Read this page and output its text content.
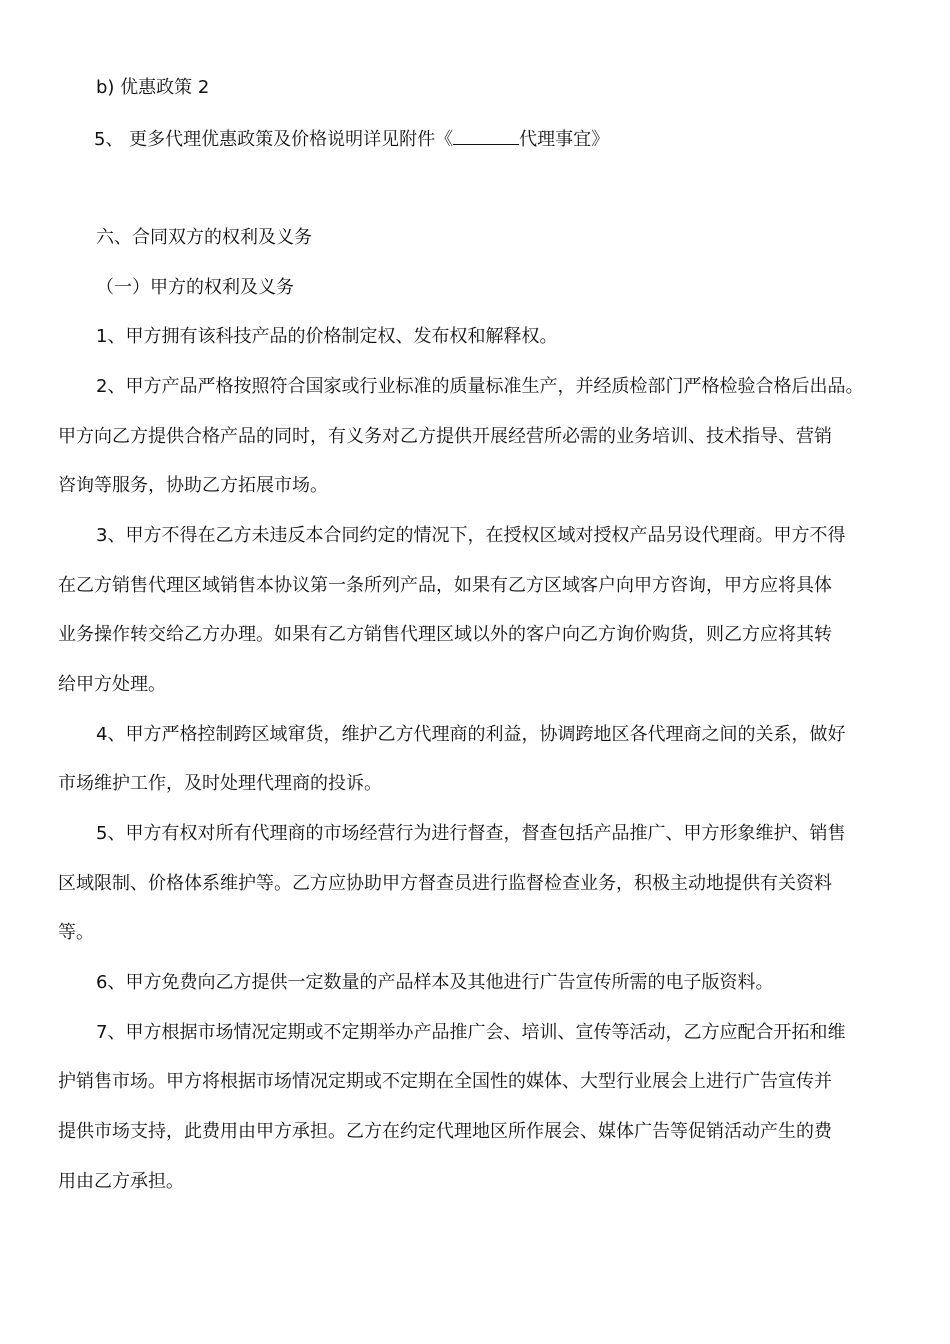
b) 优惠政策 2

5、 更多代理优惠政策及价格说明详见附件《	代理事宜》

六、合同双方的权利及义务

（一）甲方的权利及义务

1、甲方拥有该科技产品的价格制定权、发布权和解释权。

2、甲方产品严格按照符合国家或行业标准的质量标准生产，并经质检部门严格检验合格后出品。

甲方向乙方提供合格产品的同时，有义务对乙方提供开展经营所必需的业务培训、技术指导、营销

咨询等服务，协助乙方拓展市场。

3、甲方不得在乙方未违反本合同约定的情况下，在授权区域对授权产品另设代理商。甲方不得

在乙方销售代理区域销售本协议第一条所列产品，如果有乙方区域客户向甲方咨询，甲方应将具体

业务操作转交给乙方办理。如果有乙方销售代理区域以外的客户向乙方询价购货，则乙方应将其转

给甲方处理。

4、甲方严格控制跨区域窜货，维护乙方代理商的利益，协调跨地区各代理商之间的关系，做好

市场维护工作，及时处理代理商的投诉。

5、甲方有权对所有代理商的市场经营行为进行督查，督查包括产品推广、甲方形象维护、销售

区域限制、价格体系维护等。乙方应协助甲方督查员进行监督检查业务，积极主动地提供有关资料

等。

6、甲方免费向乙方提供一定数量的产品样本及其他进行广告宣传所需的电子版资料。

7、甲方根据市场情况定期或不定期举办产品推广会、培训、宣传等活动，乙方应配合开拓和维

护销售市场。甲方将根据市场情况定期或不定期在全国性的媒体、大型行业展会上进行广告宣传并

提供市场支持，此费用由甲方承担。乙方在约定代理地区所作展会、媒体广告等促销活动产生的费

用由乙方承担。
